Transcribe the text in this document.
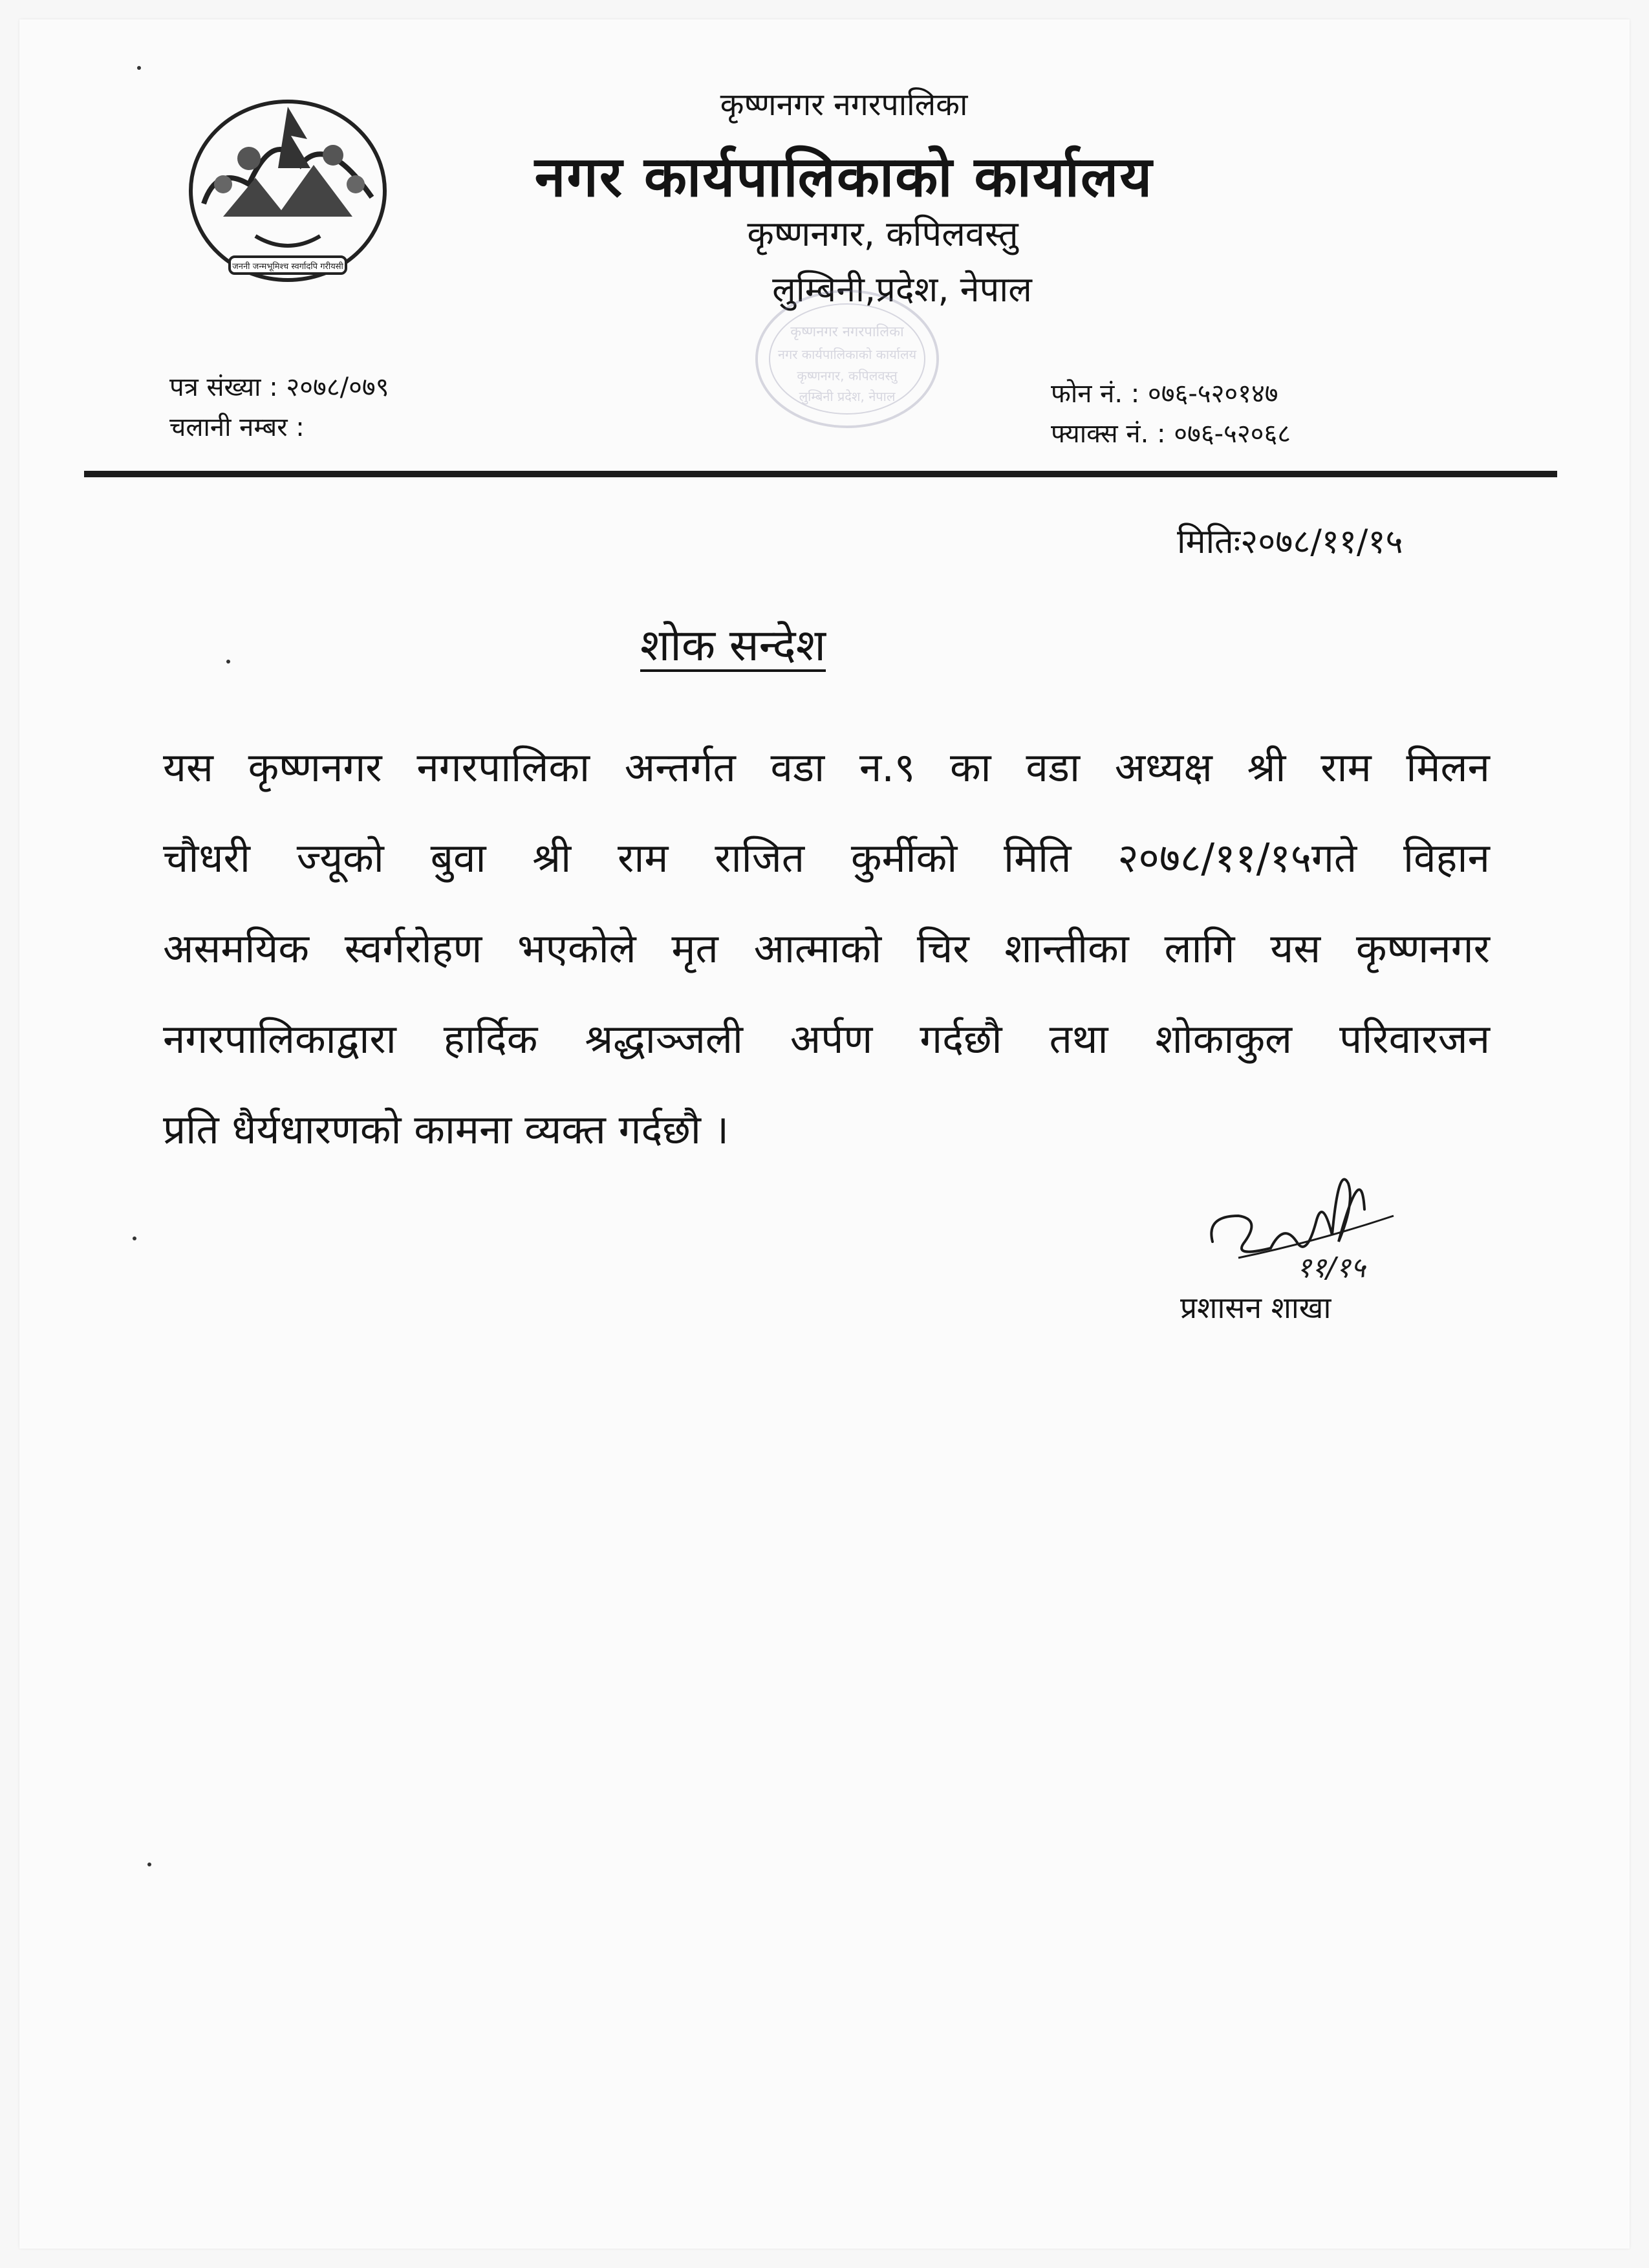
जननी जन्मभूमिश्च स्वर्गादपि गरीयसी
कृष्णनगर नगरपालिका
नगर कार्यपालिकाको कार्यालय
कृष्णनगर, कपिलवस्तु
लुम्बिनी,प्रदेश, नेपाल
कृष्णनगर नगरपालिका
नगर कार्यपालिकाको कार्यालय
कृष्णनगर, कपिलवस्तु
लुम्बिनी प्रदेश, नेपाल
पत्र संख्या : २०७८/०७९
चलानी नम्बर :
फोन नं. : ०७६-५२०१४७
फ्याक्स नं. : ०७६-५२०६८
मितिः२०७८/११/१५
शोक सन्देश
यस कृष्णनगर नगरपालिका अन्तर्गत वडा न.९ का वडा अध्यक्ष श्री राम मिलन
चौधरी ज्यूको बुवा श्री राम राजित कुर्मीको मिति २०७८/११/१५गते विहान
असमयिक स्वर्गरोहण भएकोले मृत आत्माको चिर शान्तीका लागि यस कृष्णनगर
नगरपालिकाद्वारा हार्दिक श्रद्धाञ्जली अर्पण गर्दछौ तथा शोकाकुल परिवारजन
प्रति धैर्यधारणको कामना व्यक्त गर्दछौ ।
११/१५
प्रशासन शाखा
